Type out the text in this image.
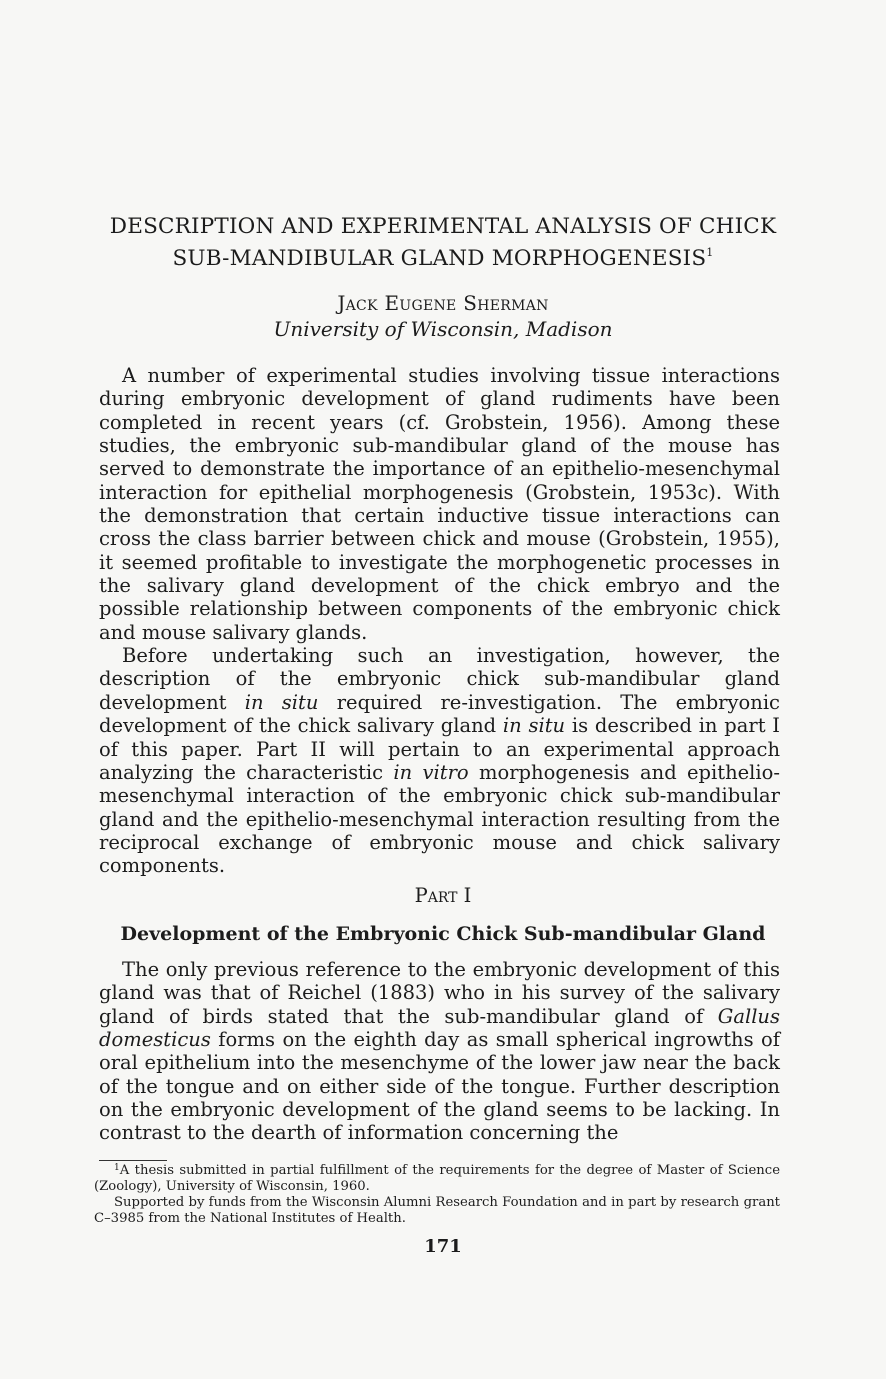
DESCRIPTION AND EXPERIMENTAL ANALYSIS OF CHICK
SUB-MANDIBULAR GLAND MORPHOGENESIS$^1$
Jack Eugene Sherman
University of Wisconsin, Madison

A number of experimental studies involving tissue interactions during embryonic development of gland rudiments have been completed in recent years (cf. Grobstein, 1956). Among these studies, the embryonic sub-mandibular gland of the mouse has served to demonstrate the importance of an epithelio-mesenchymal interaction for epithelial morphogenesis (Grobstein, 1953c). With the demonstration that certain inductive tissue interactions can cross the class barrier between chick and mouse (Grobstein, 1955), it seemed profitable to investigate the morphogenetic processes in the salivary gland development of the chick embryo and the possible relationship between components of the embryonic chick and mouse salivary glands.

Before undertaking such an investigation, however, the description of the embryonic chick sub-mandibular gland development in situ required re-investigation. The embryonic development of the chick salivary gland in situ is described in part I of this paper. Part II will pertain to an experimental approach analyzing the characteristic in vitro morphogenesis and epithelio-mesenchymal interaction of the embryonic chick sub-mandibular gland and the epithelio-mesenchymal interaction resulting from the reciprocal exchange of embryonic mouse and chick salivary components.

Part I
Development of the Embryonic Chick Sub-mandibular Gland

The only previous reference to the embryonic development of this gland was that of Reichel (1883) who in his survey of the salivary gland of birds stated that the sub-mandibular gland of Gallus domesticus forms on the eighth day as small spherical ingrowths of oral epithelium into the mesenchyme of the lower jaw near the back of the tongue and on either side of the tongue. Further description on the embryonic development of the gland seems to be lacking. In contrast to the dearth of information concerning the

$^1$A thesis submitted in partial fulfillment of the requirements for the degree of Master of Science (Zoology), University of Wisconsin, 1960.

Supported by funds from the Wisconsin Alumni Research Foundation and in part by research grant C–3985 from the National Institutes of Health.

171
